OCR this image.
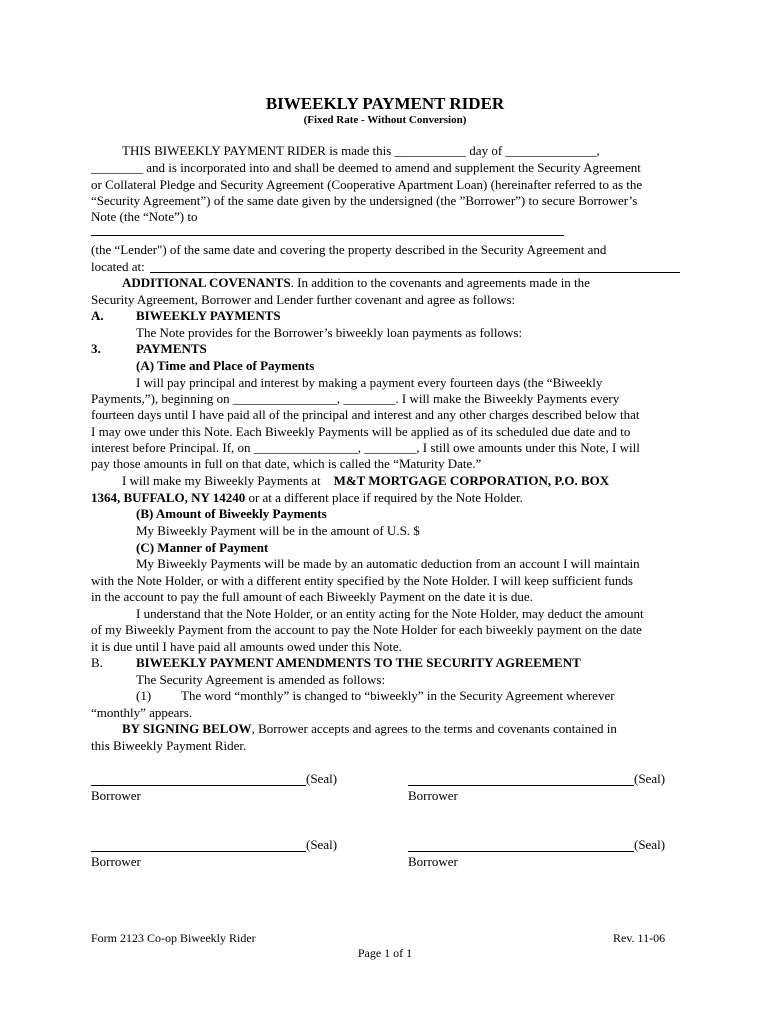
BIWEEKLY PAYMENT RIDER

(Fixed Rate - Without Conversion)

THIS BIWEEKLY PAYMENT RIDER is made this ___________ day of ______________,

________ and is incorporated into and shall be deemed to amend and supplement the Security Agreement

or Collateral Pledge and Security Agreement (Cooperative Apartment Loan) (hereinafter referred to as the

“Security Agreement”) of the same date given by the undersigned (the ”Borrower”) to secure Borrower’s

Note (the “Note”) to

(the “Lender") of the same date and covering the property described in the Security Agreement and

located at:

ADDITIONAL COVENANTS. In addition to the covenants and agreements made in the

Security Agreement, Borrower and Lender further covenant and agree as follows:

A.	BIWEEKLY PAYMENTS

The Note provides for the Borrower’s biweekly loan payments as follows:

3.	PAYMENTS

(A) Time and Place of Payments

I will pay principal and interest by making a payment every fourteen days (the “Biweekly

Payments,”), beginning on ________________, ________. I will make the Biweekly Payments every

fourteen days until I have paid all of the principal and interest and any other charges described below that

I may owe under this Note. Each Biweekly Payments will be applied as of its scheduled due date and to

interest before Principal. If, on ________________, ________, I still owe amounts under this Note, I will

pay those amounts in full on that date, which is called the “Maturity Date.”

I will make my Biweekly Payments at M&T MORTGAGE CORPORATION, P.O. BOX

1364, BUFFALO, NY 14240 or at a different place if required by the Note Holder.

(B) Amount of Biweekly Payments

My Biweekly Payment will be in the amount of U.S. $

(C) Manner of Payment

My Biweekly Payments will be made by an automatic deduction from an account I will maintain

with the Note Holder, or with a different entity specified by the Note Holder. I will keep sufficient funds

in the account to pay the full amount of each Biweekly Payment on the date it is due.

I understand that the Note Holder, or an entity acting for the Note Holder, may deduct the amount

of my Biweekly Payment from the account to pay the Note Holder for each biweekly payment on the date

it is due until I have paid all amounts owed under this Note.

B.	BIWEEKLY PAYMENT AMENDMENTS TO THE SECURITY AGREEMENT

The Security Agreement is amended as follows:

(1)	The word “monthly” is changed to “biweekly” in the Security Agreement wherever

“monthly” appears.

BY SIGNING BELOW, Borrower accepts and agrees to the terms and covenants contained in

this Biweekly Payment Rider.

(Seal)
Borrower
(Seal)
Borrower
(Seal)
Borrower
(Seal)
Borrower
Form 2123 Co-op Biweekly Rider	Rev. 11-06
Page 1 of 1
